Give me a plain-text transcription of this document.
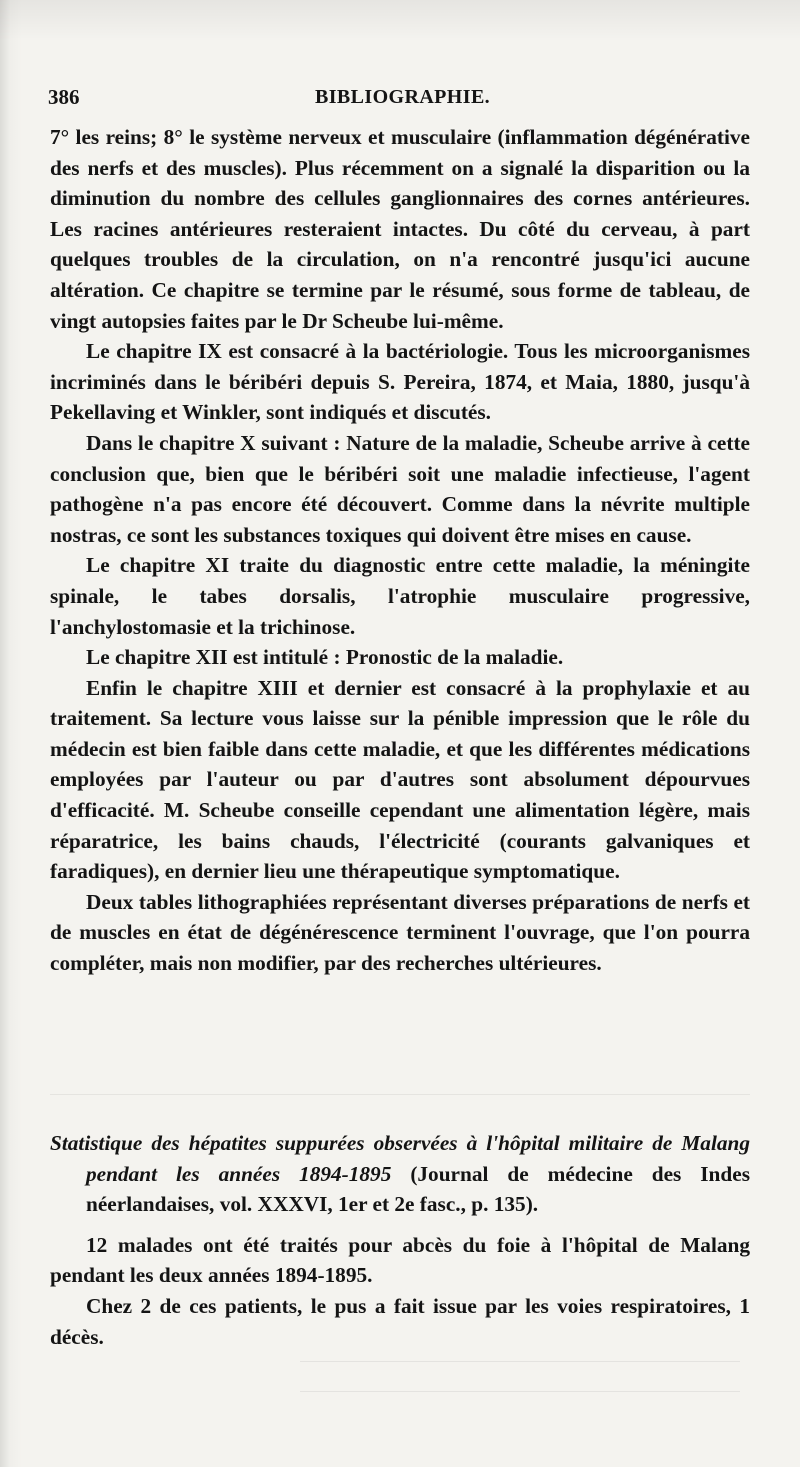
386	BIBLIOGRAPHIE.

7° les reins; 8° le système nerveux et musculaire (inflammation dégénérative des nerfs et des muscles). Plus récemment on a signalé la disparition ou la diminution du nombre des cellules ganglionnaires des cornes antérieures. Les racines antérieures resteraient intactes. Du côté du cerveau, à part quelques troubles de la circulation, on n'a rencontré jusqu'ici aucune altération. Ce chapitre se termine par le résumé, sous forme de tableau, de vingt autopsies faites par le Dr Scheube lui-même.

Le chapitre IX est consacré à la bactériologie. Tous les microorganismes incriminés dans le béribéri depuis S. Pereira, 1874, et Maia, 1880, jusqu'à Pekellaving et Winkler, sont indiqués et discutés.

Dans le chapitre X suivant : Nature de la maladie, Scheube arrive à cette conclusion que, bien que le béribéri soit une maladie infectieuse, l'agent pathogène n'a pas encore été découvert. Comme dans la névrite multiple nostras, ce sont les substances toxiques qui doivent être mises en cause.

Le chapitre XI traite du diagnostic entre cette maladie, la méningite spinale, le tabes dorsalis, l'atrophie musculaire progressive, l'anchylostomasie et la trichinose.

Le chapitre XII est intitulé : Pronostic de la maladie.

Enfin le chapitre XIII et dernier est consacré à la prophylaxie et au traitement. Sa lecture vous laisse sur la pénible impression que le rôle du médecin est bien faible dans cette maladie, et que les différentes médications employées par l'auteur ou par d'autres sont absolument dépourvues d'efficacité. M. Scheube conseille cependant une alimentation légère, mais réparatrice, les bains chauds, l'électricité (courants galvaniques et faradiques), en dernier lieu une thérapeutique symptomatique.

Deux tables lithographiées représentant diverses préparations de nerfs et de muscles en état de dégénérescence terminent l'ouvrage, que l'on pourra compléter, mais non modifier, par des recherches ultérieures.

Statistique des hépatites suppurées observées à l'hôpital militaire de Malang pendant les années 1894-1895 (Journal de médecine des Indes néerlandaises, vol. XXXVI, 1er et 2e fasc., p. 135).

12 malades ont été traités pour abcès du foie à l'hôpital de Malang pendant les deux années 1894-1895.

Chez 2 de ces patients, le pus a fait issue par les voies respiratoires, 1 décès.
